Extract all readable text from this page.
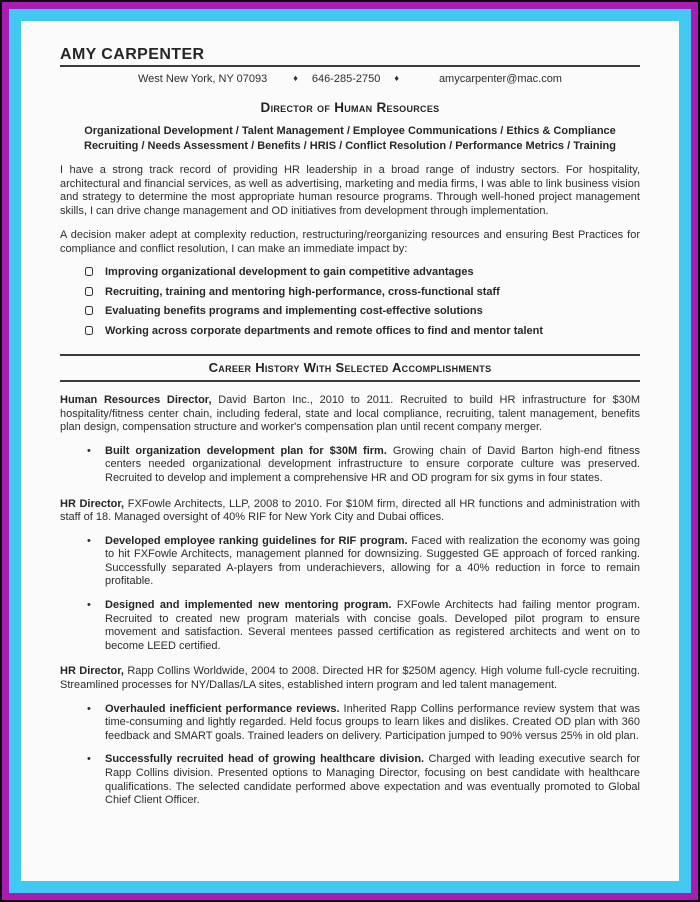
AMY CARPENTER
West New York, NY 07093	♦ 646-285-2750 ♦	amycarpenter@mac.com
Director of Human Resources
Organizational Development / Talent Management / Employee Communications / Ethics & Compliance
Recruiting / Needs Assessment / Benefits / HRIS / Conflict Resolution / Performance Metrics / Training

I have a strong track record of providing HR leadership in a broad range of industry sectors. For hospitality, architectural and financial services, as well as advertising, marketing and media firms, I was able to link business vision and strategy to determine the most appropriate human resource programs. Through well-honed project management skills, I can drive change management and OD initiatives from development through implementation.

A decision maker adept at complexity reduction, restructuring/reorganizing resources and ensuring Best Practices for compliance and conflict resolution, I can make an immediate impact by:

Improving organizational development to gain competitive advantages
Recruiting, training and mentoring high-performance, cross-functional staff
Evaluating benefits programs and implementing cost-effective solutions
Working across corporate departments and remote offices to find and mentor talent
Career History With Selected Accomplishments

Human Resources Director, David Barton Inc., 2010 to 2011. Recruited to build HR infrastructure for $30M hospitality/fitness center chain, including federal, state and local compliance, recruiting, talent management, benefits plan design, compensation structure and worker's compensation plan until recent company merger.

•	Built organization development plan for $30M firm. Growing chain of David Barton high-end fitness centers needed organizational development infrastructure to ensure corporate culture was preserved. Recruited to develop and implement a comprehensive HR and OD program for six gyms in four states.

HR Director, FXFowle Architects, LLP, 2008 to 2010. For $10M firm, directed all HR functions and administration with staff of 18. Managed oversight of 40% RIF for New York City and Dubai offices.

•	Developed employee ranking guidelines for RIF program. Faced with realization the economy was going to hit FXFowle Architects, management planned for downsizing. Suggested GE approach of forced ranking. Successfully separated A-players from underachievers, allowing for a 40% reduction in force to remain profitable.

•	Designed and implemented new mentoring program. FXFowle Architects had failing mentor program. Recruited to created new program materials with concise goals. Developed pilot program to ensure movement and satisfaction. Several mentees passed certification as registered architects and went on to become LEED certified.

HR Director, Rapp Collins Worldwide, 2004 to 2008. Directed HR for $250M agency. High volume full-cycle recruiting. Streamlined processes for NY/Dallas/LA sites, established intern program and led talent management.

•	Overhauled inefficient performance reviews. Inherited Rapp Collins performance review system that was time-consuming and lightly regarded. Held focus groups to learn likes and dislikes. Created OD plan with 360 feedback and SMART goals. Trained leaders on delivery. Participation jumped to 90% versus 25% in old plan.

•	Successfully recruited head of growing healthcare division. Charged with leading executive search for Rapp Collins division. Presented options to Managing Director, focusing on best candidate with healthcare qualifications. The selected candidate performed above expectation and was eventually promoted to Global Chief Client Officer.
